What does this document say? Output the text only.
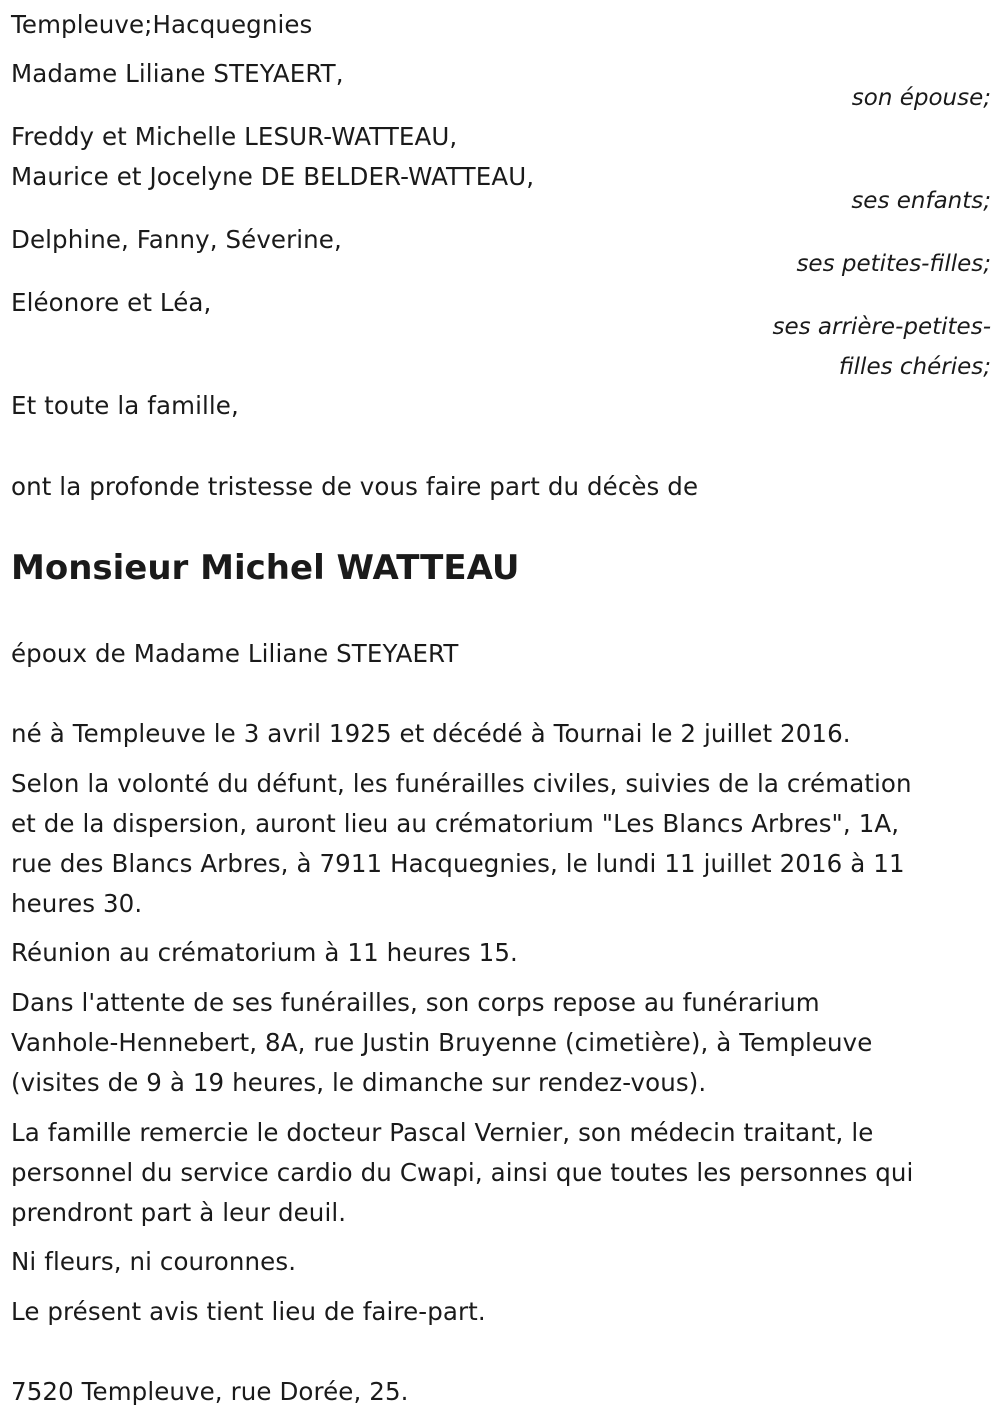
Templeuve;Hacquegnies
Madame Liliane STEYAERT,
son épouse;
Freddy et Michelle LESUR-WATTEAU,
Maurice et Jocelyne DE BELDER-WATTEAU,
ses enfants;
Delphine, Fanny, Séverine,
ses petites-filles;
Eléonore et Léa,
ses arrière-petites-
filles chéries;
Et toute la famille,
ont la profonde tristesse de vous faire part du décès de
Monsieur Michel WATTEAU
époux de Madame Liliane STEYAERT
né à Templeuve le 3 avril 1925 et décédé à Tournai le 2 juillet 2016.
Selon la volonté du défunt, les funérailles civiles, suivies de la crémation
et de la dispersion, auront lieu au crématorium "Les Blancs Arbres", 1A,
rue des Blancs Arbres, à 7911 Hacquegnies, le lundi 11 juillet 2016 à 11
heures 30.
Réunion au crématorium à 11 heures 15.
Dans l'attente de ses funérailles, son corps repose au funérarium
Vanhole-Hennebert, 8A, rue Justin Bruyenne (cimetière), à Templeuve
(visites de 9 à 19 heures, le dimanche sur rendez-vous).
La famille remercie le docteur Pascal Vernier, son médecin traitant, le
personnel du service cardio du Cwapi, ainsi que toutes les personnes qui
prendront part à leur deuil.
Ni fleurs, ni couronnes.
Le présent avis tient lieu de faire-part.
7520 Templeuve, rue Dorée, 25.
